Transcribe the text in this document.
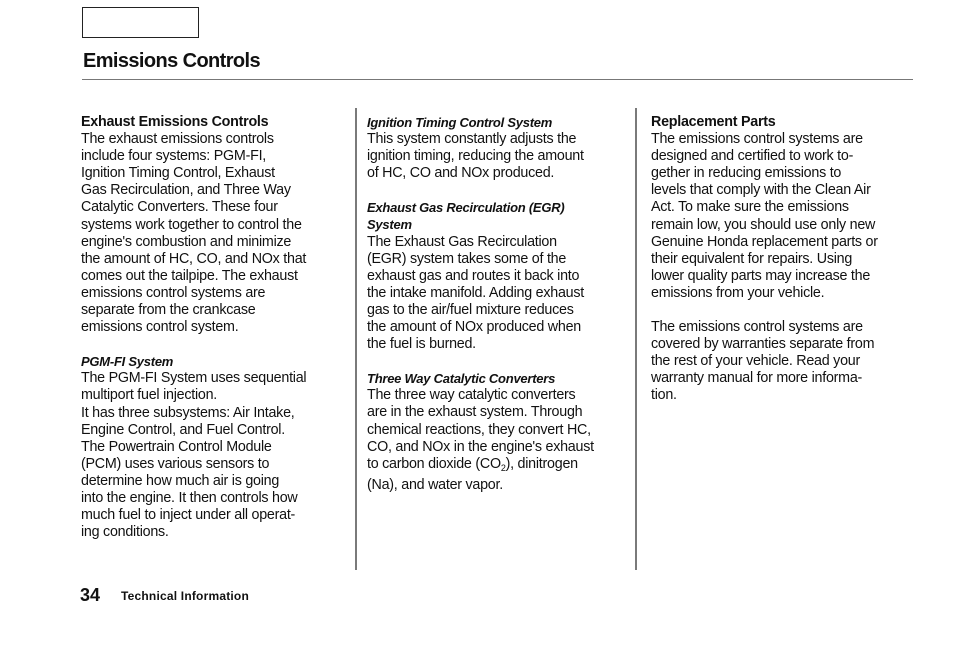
Emissions Controls

Exhaust Emissions Controls

The exhaust emissions controls
include four systems: PGM-FI,
Ignition Timing Control, Exhaust
Gas Recirculation, and Three Way
Catalytic Converters. These four
systems work together to control the
engine's combustion and minimize
the amount of HC, CO, and NOx that
comes out the tailpipe. The exhaust
emissions control systems are
separate from the crankcase
emissions control system.

PGM-FI System

The PGM-FI System uses sequential
multiport fuel injection.

It has three subsystems: Air Intake,
Engine Control, and Fuel Control.
The Powertrain Control Module
(PCM) uses various sensors to
determine how much air is going
into the engine. It then controls how
much fuel to inject under all operat-
ing conditions.

Ignition Timing Control System

This system constantly adjusts the
ignition timing, reducing the amount
of HC, CO and NOx produced.

Exhaust Gas Recirculation (EGR)
System

The Exhaust Gas Recirculation
(EGR) system takes some of the
exhaust gas and routes it back into
the intake manifold. Adding exhaust
gas to the air/fuel mixture reduces
the amount of NOx produced when
the fuel is burned.

Three Way Catalytic Converters

The three way catalytic converters
are in the exhaust system. Through
chemical reactions, they convert HC,
CO, and NOx in the engine's exhaust
to carbon dioxide $(CO_2)$, dinitrogen
(Na), and water vapor.

Replacement Parts

The emissions control systems are
designed and certified to work to-
gether in reducing emissions to
levels that comply with the Clean Air
Act. To make sure the emissions
remain low, you should use only new
Genuine Honda replacement parts or
their equivalent for repairs. Using
lower quality parts may increase the
emissions from your vehicle.

The emissions control systems are
covered by warranties separate from
the rest of your vehicle. Read your
warranty manual for more informa-
tion.

34 Technical Information
